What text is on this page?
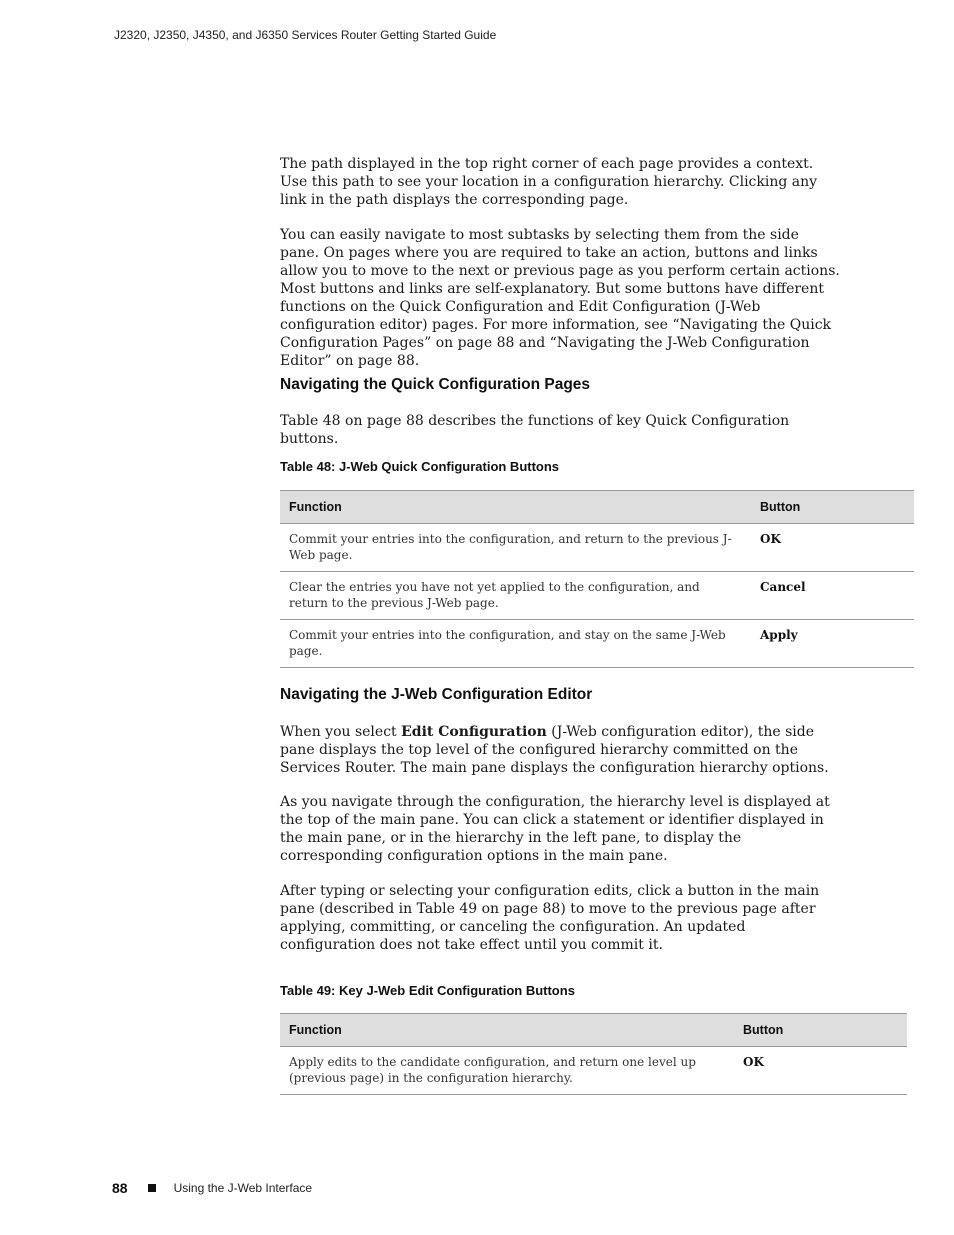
J2320, J2350, J4350, and J6350 Services Router Getting Started Guide

The path displayed in the top right corner of each page provides a context. Use this path to see your location in a configuration hierarchy. Clicking any link in the path displays the corresponding page.

You can easily navigate to most subtasks by selecting them from the side pane. On pages where you are required to take an action, buttons and links allow you to move to the next or previous page as you perform certain actions. Most buttons and links are self-explanatory. But some buttons have different functions on the Quick Configuration and Edit Configuration (J-Web configuration editor) pages. For more information, see “Navigating the Quick Configuration Pages” on page 88 and “Navigating the J-Web Configuration Editor” on page 88.

Navigating the Quick Configuration Pages

Table 48 on page 88 describes the functions of key Quick Configuration buttons.

Table 48: J-Web Quick Configuration Buttons
Function	Button
Commit your entries into the configuration, and return to the previous J-Web page.	OK
Clear the entries you have not yet applied to the configuration, and return to the previous J-Web page.	Cancel
Commit your entries into the configuration, and stay on the same J-Web page.	Apply
Navigating the J-Web Configuration Editor

When you select Edit Configuration (J-Web configuration editor), the side pane displays the top level of the configured hierarchy committed on the Services Router. The main pane displays the configuration hierarchy options.

As you navigate through the configuration, the hierarchy level is displayed at the top of the main pane. You can click a statement or identifier displayed in the main pane, or in the hierarchy in the left pane, to display the corresponding configuration options in the main pane.

After typing or selecting your configuration edits, click a button in the main pane (described in Table 49 on page 88) to move to the previous page after applying, committing, or canceling the configuration. An updated configuration does not take effect until you commit it.

Table 49: Key J-Web Edit Configuration Buttons
Function	Button
Apply edits to the candidate configuration, and return one level up (previous page) in the configuration hierarchy.	OK
88	Using the J-Web Interface
